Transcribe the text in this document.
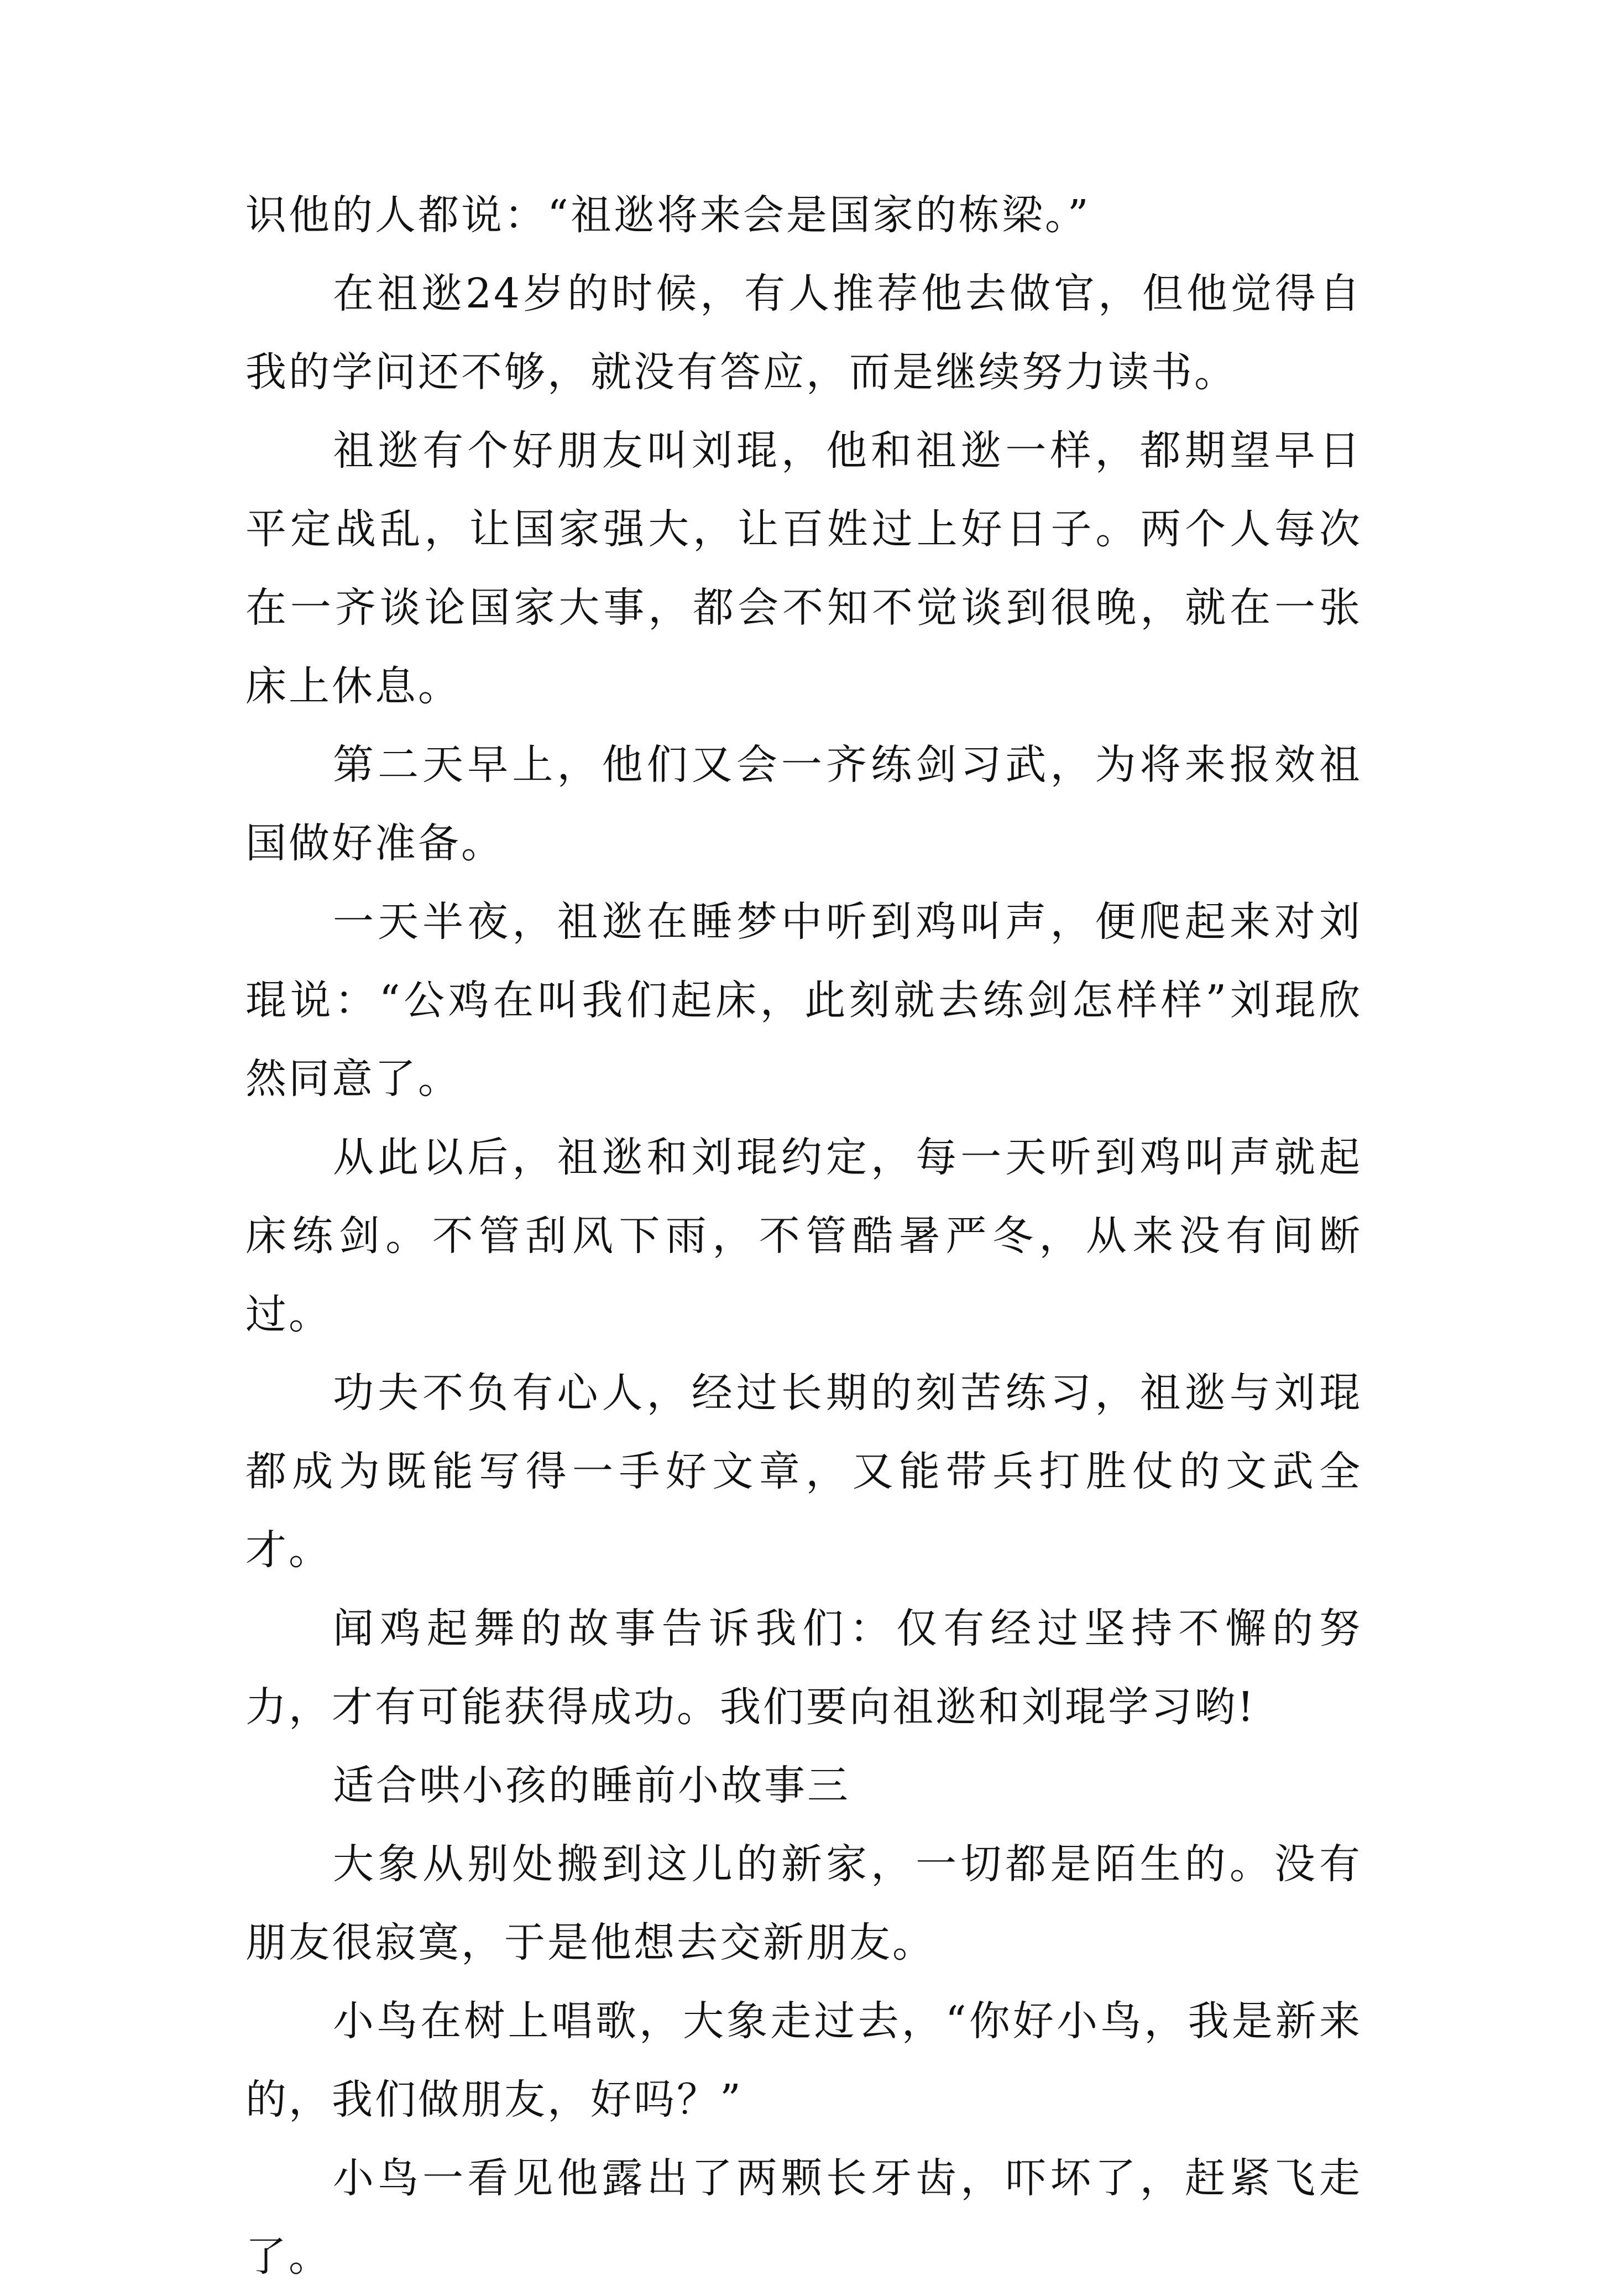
识他的人都说：“祖逖将来会是国家的栋梁。”

在祖逖24岁的时候，有人推荐他去做官，但他觉得自我的学问还不够，就没有答应，而是继续努力读书。

祖逖有个好朋友叫刘琨，他和祖逖一样，都期望早日平定战乱，让国家强大，让百姓过上好日子。两个人每次在一齐谈论国家大事，都会不知不觉谈到很晚，就在一张床上休息。

第二天早上，他们又会一齐练剑习武，为将来报效祖国做好准备。

一天半夜，祖逖在睡梦中听到鸡叫声，便爬起来对刘琨说：“公鸡在叫我们起床，此刻就去练剑怎样样”刘琨欣然同意了。

从此以后，祖逖和刘琨约定，每一天听到鸡叫声就起床练剑。不管刮风下雨，不管酷暑严冬，从来没有间断过。

功夫不负有心人，经过长期的刻苦练习，祖逖与刘琨都成为既能写得一手好文章，又能带兵打胜仗的文武全才。

闻鸡起舞的故事告诉我们：仅有经过坚持不懈的努力，才有可能获得成功。我们要向祖逖和刘琨学习哟!

适合哄小孩的睡前小故事三

大象从别处搬到这儿的新家，一切都是陌生的。没有朋友很寂寞，于是他想去交新朋友。

小鸟在树上唱歌，大象走过去，“你好小鸟，我是新来的，我们做朋友，好吗？”

小鸟一看见他露出了两颗长牙齿，吓坏了，赶紧飞走了。
